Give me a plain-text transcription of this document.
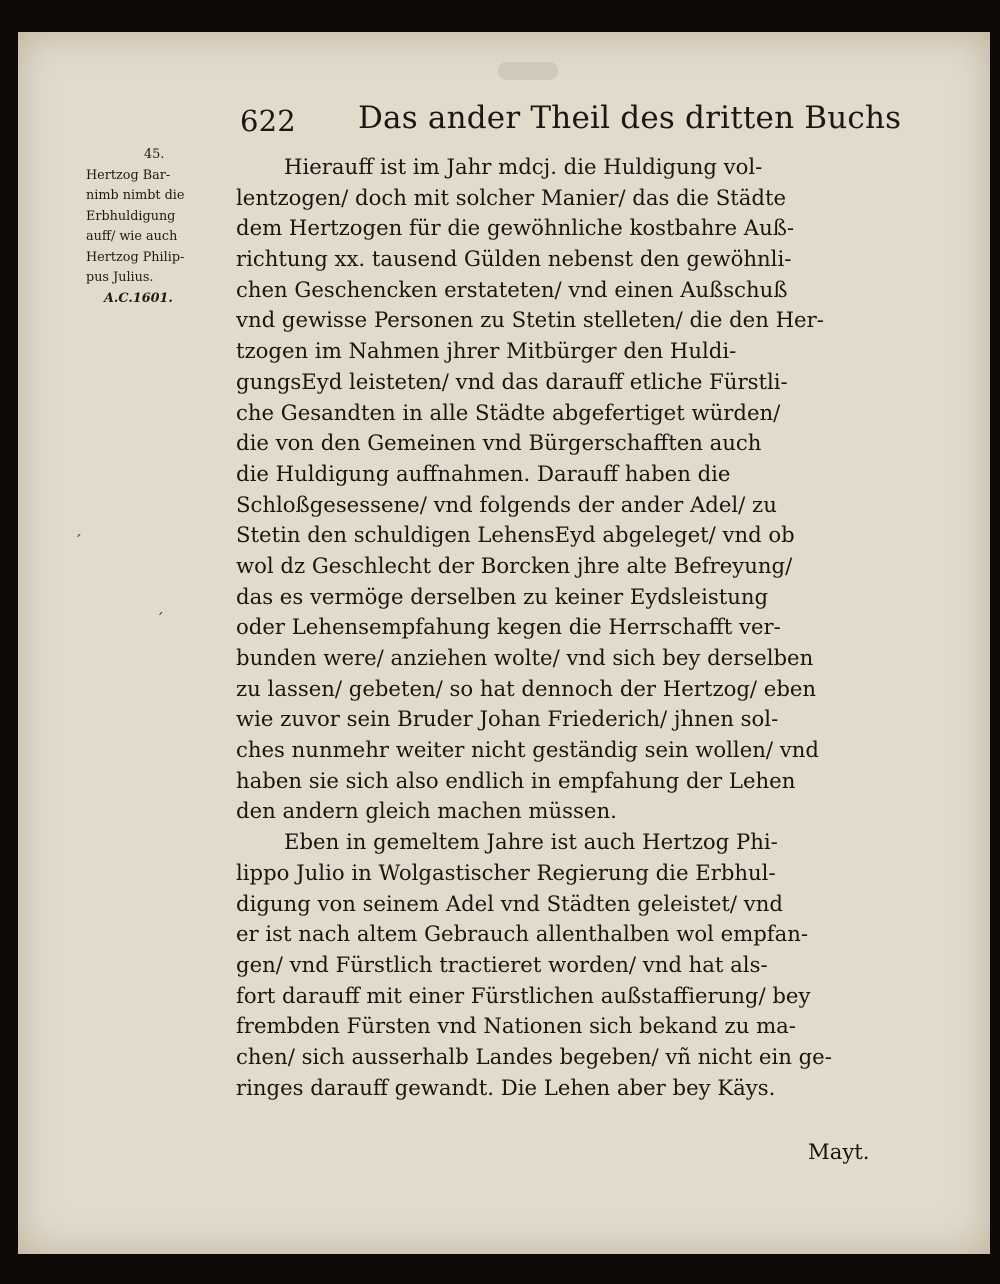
622 Das ander Theil des dritten Buchs
45.
Hertzog Bar-
nimb nimbt die
Erbhuldigung
auff/ wie auch
Hertzog Philip-
pus Julius.
A.C.1601.
ˊ
ˊ
Hierauff ist im Jahr mdcj. die Huldigung vol-
lentzogen/ doch mit solcher Manier/ das die Städte
dem Hertzogen für die gewöhnliche kostbahre Auß-
richtung xx. tausend Gülden nebenst den gewöhnli-
chen Geschencken erstateten/ vnd einen Außschuß
vnd gewisse Personen zu Stetin stelleten/ die den Her-
tzogen im Nahmen jhrer Mitbürger den Huldi-
gungsEyd leisteten/ vnd das darauff etliche Fürstli-
che Gesandten in alle Städte abgefertiget würden/
die von den Gemeinen vnd Bürgerschafften auch
die Huldigung auffnahmen. Darauff haben die
Schloßgesessene/ vnd folgends der ander Adel/ zu
Stetin den schuldigen LehensEyd abgeleget/ vnd ob
wol dz Geschlecht der Borcken jhre alte Befreyung/
das es vermöge derselben zu keiner Eydsleistung
oder Lehensempfahung kegen die Herrschafft ver-
bunden were/ anziehen wolte/ vnd sich bey derselben
zu lassen/ gebeten/ so hat dennoch der Hertzog/ eben
wie zuvor sein Bruder Johan Friederich/ jhnen sol-
ches nunmehr weiter nicht geständig sein wollen/ vnd
haben sie sich also endlich in empfahung der Lehen
den andern gleich machen müssen.
Eben in gemeltem Jahre ist auch Hertzog Phi-
lippo Julio in Wolgastischer Regierung die Erbhul-
digung von seinem Adel vnd Städten geleistet/ vnd
er ist nach altem Gebrauch allenthalben wol empfan-
gen/ vnd Fürstlich tractieret worden/ vnd hat als-
fort darauff mit einer Fürstlichen außstaffierung/ bey
frembden Fürsten vnd Nationen sich bekand zu ma-
chen/ sich ausserhalb Landes begeben/ vñ nicht ein ge-
ringes darauff gewandt. Die Lehen aber bey Käys.
Mayt.
